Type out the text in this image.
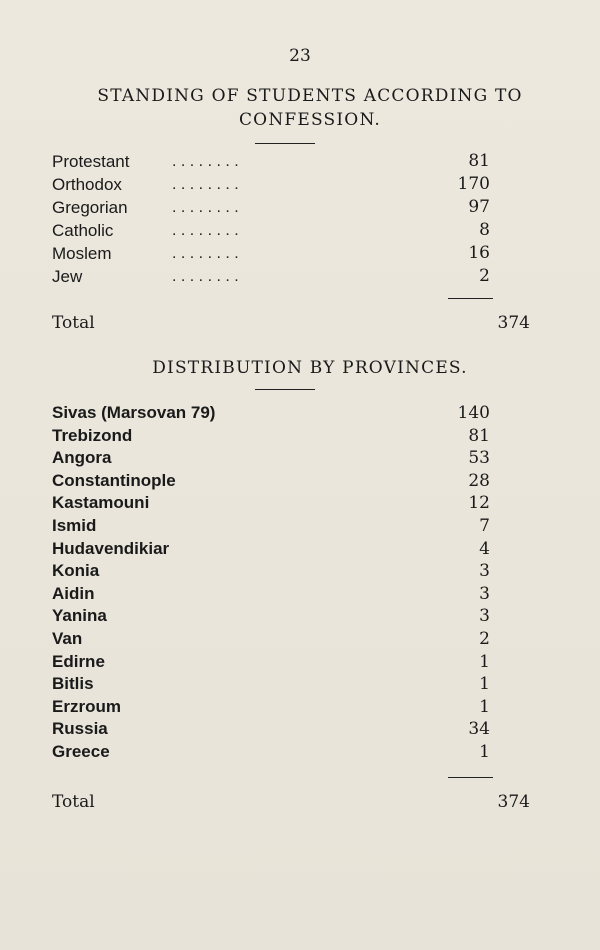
23
STANDING OF STUDENTS ACCORDING TO
CONFESSION.
Protestant	. . . . . . . .	81
Orthodox	. . . . . . . .	170
Gregorian	. . . . . . . .	97
Catholic	. . . . . . . .	8
Moslem	. . . . . . . .	16
Jew	. . . . . . . .	2
Total	374
DISTRIBUTION BY PROVINCES.
Sivas (Marsovan 79)	140
Trebizond	81
Angora	53
Constantinople	28
Kastamouni	12
Ismid	7
Hudavendikiar	4
Konia	3
Aidin	3
Yanina	3
Van	2
Edirne	1
Bitlis	1
Erzroum	1
Russia	34
Greece	1
Total	374
